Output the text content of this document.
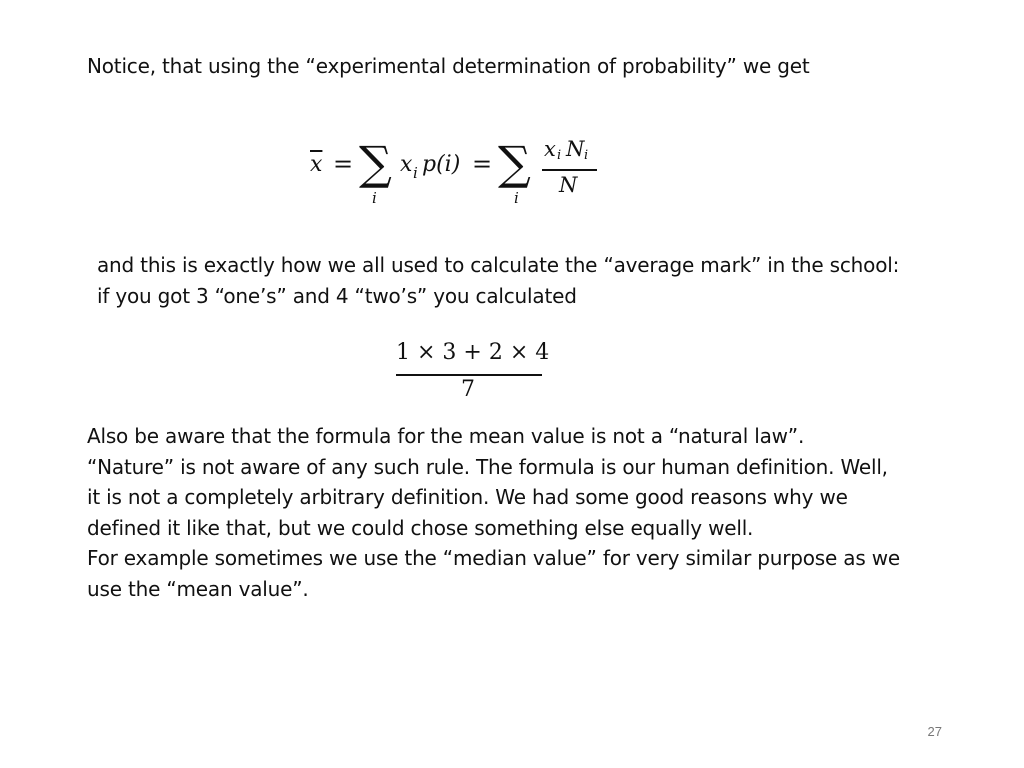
Notice, that using the “experimental determination of probability” we get
$\overline{x}$ = ∑
i
x i p(i) = ∑
i
x i N i
N
and this is exactly how we all used to calculate the “average mark” in the school:
if you got 3 “one’s” and 4 “two’s” you calculated
1 × 3 + 2 × 4
7
Also be aware that the formula for the mean value is not a “natural law”.
“Nature” is not aware of any such rule. The formula is our human definition. Well,
it is not a completely arbitrary definition. We had some good reasons why we
defined it like that, but we could chose something else equally well.
For example sometimes we use the “median value” for very similar purpose as we
use the “mean value”.
27
